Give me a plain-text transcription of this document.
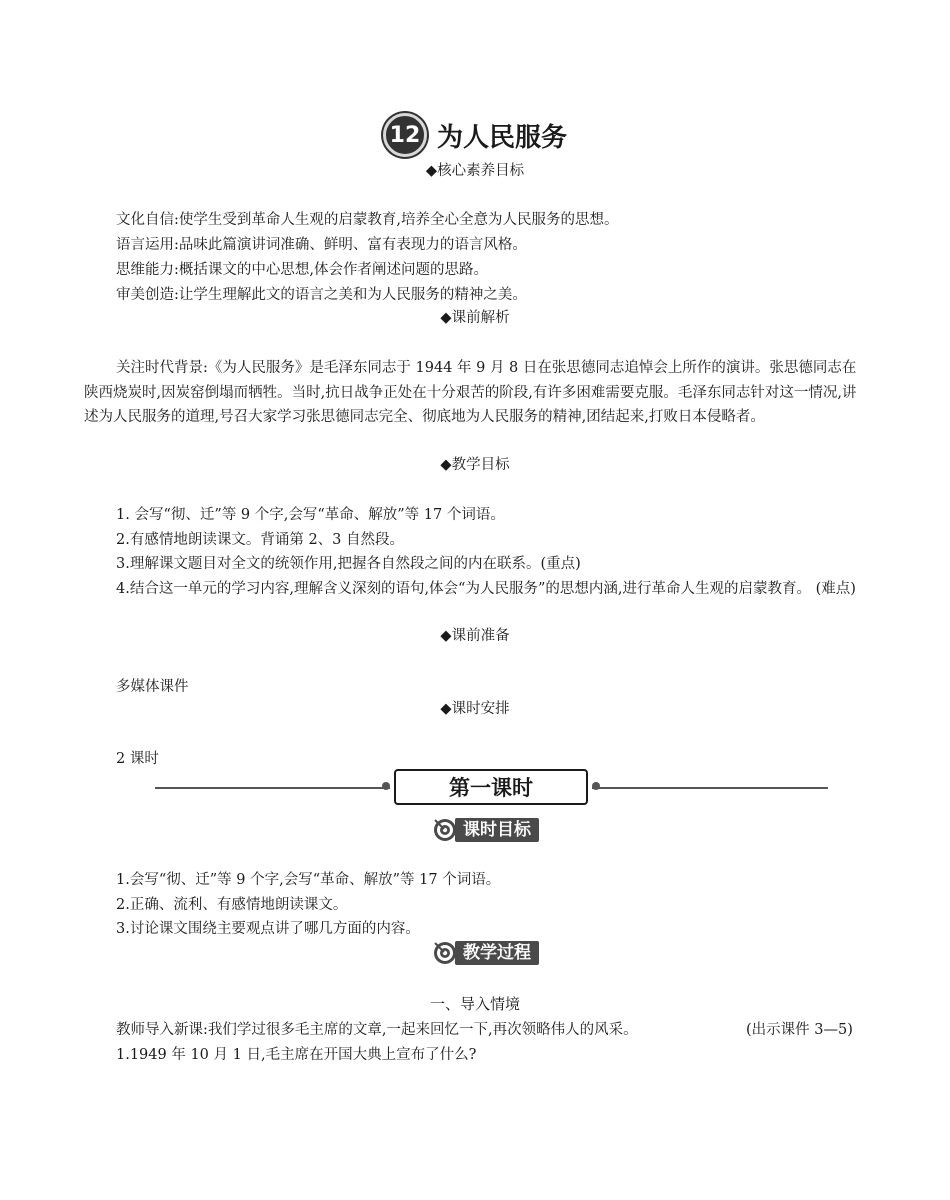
12 为人民服务
◆核心素养目标
文化自信:使学生受到革命人生观的启蒙教育,培养全心全意为人民服务的思想。
语言运用:品味此篇演讲词准确、鲜明、富有表现力的语言风格。
思维能力:概括课文的中心思想,体会作者阐述问题的思路。
审美创造:让学生理解此文的语言之美和为人民服务的精神之美。
◆课前解析
关注时代背景:《为人民服务》是毛泽东同志于 1944 年 9 月 8 日在张思德同志追悼会上所作的演讲。张思德同志在陕西烧炭时,因炭窑倒塌而牺牲。当时,抗日战争正处在十分艰苦的阶段,有许多困难需要克服。毛泽东同志针对这一情况,讲述为人民服务的道理,号召大家学习张思德同志完全、彻底地为人民服务的精神,团结起来,打败日本侵略者。
◆教学目标
1. 会写“彻、迁”等 9 个字,会写“革命、解放”等 17 个词语。
2.有感情地朗读课文。背诵第 2、3 自然段。
3.理解课文题目对全文的统领作用,把握各自然段之间的内在联系。(重点)
4.结合这一单元的学习内容,理解含义深刻的语句,体会“为人民服务”的思想内涵,进行革命人生观的启蒙教育。 (难点)
◆课前准备
多媒体课件
◆课时安排
2 课时
第一课时
课时目标
1.会写“彻、迁”等 9 个字,会写“革命、解放”等 17 个词语。
2.正确、流利、有感情地朗读课文。
3.讨论课文围绕主要观点讲了哪几方面的内容。
教学过程
一、导入情境
教师导入新课:我们学过很多毛主席的文章,一起来回忆一下,再次领略伟人的风采。	(出示课件 3—5)
1.1949 年 10 月 1 日,毛主席在开国大典上宣布了什么?
